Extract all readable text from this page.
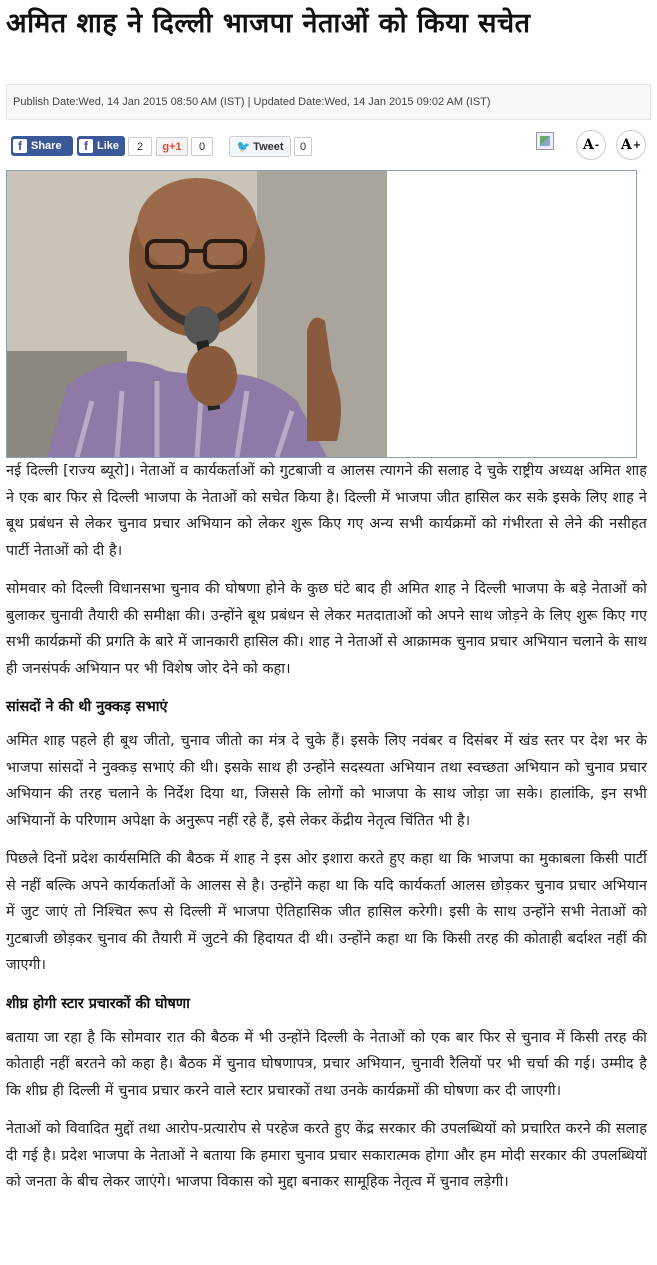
अमित शाह ने दिल्ली भाजपा नेताओं को किया सचेत
Publish Date:Wed, 14 Jan 2015 08:50 AM (IST) | Updated Date:Wed, 14 Jan 2015 09:02 AM (IST)
f Share	f Like	2	g+1	0	🐦 Tweet	0	A - A +

नई दिल्ली [राज्य ब्यूरो]। नेताओं व कार्यकर्ताओं को गुटबाजी व आलस त्यागने की सलाह दे चुके राष्ट्रीय अध्यक्ष अमित शाह ने एक बार फिर से दिल्ली भाजपा के नेताओं को सचेत किया है। दिल्ली में भाजपा जीत हासिल कर सके इसके लिए शाह ने बूथ प्रबंधन से लेकर चुनाव प्रचार अभियान को लेकर शुरू किए गए अन्य सभी कार्यक्रमों को गंभीरता से लेने की नसीहत पार्टी नेताओं को दी है।

सोमवार को दिल्ली विधानसभा चुनाव की घोषणा होने के कुछ घंटे बाद ही अमित शाह ने दिल्ली भाजपा के बड़े नेताओं को बुलाकर चुनावी तैयारी की समीक्षा की। उन्होंने बूथ प्रबंधन से लेकर मतदाताओं को अपने साथ जोड़ने के लिए शुरू किए गए सभी कार्यक्रमों की प्रगति के बारे में जानकारी हासिल की। शाह ने नेताओं से आक्रामक चुनाव प्रचार अभियान चलाने के साथ ही जनसंपर्क अभियान पर भी विशेष जोर देने को कहा।

सांसदों ने की थी नुक्कड़ सभाएं

अमित शाह पहले ही बूथ जीतो, चुनाव जीतो का मंत्र दे चुके हैं। इसके लिए नवंबर व दिसंबर में खंड स्तर पर देश भर के भाजपा सांसदों ने नुक्कड़ सभाएं की थी। इसके साथ ही उन्होंने सदस्यता अभियान तथा स्वच्छता अभियान को चुनाव प्रचार अभियान की तरह चलाने के निर्देश दिया था, जिससे कि लोगों को भाजपा के साथ जोड़ा जा सके। हालांकि, इन सभी अभियानों के परिणाम अपेक्षा के अनुरूप नहीं रहे हैं, इसे लेकर केंद्रीय नेतृत्व चिंतित भी है।

पिछले दिनों प्रदेश कार्यसमिति की बैठक में शाह ने इस ओर इशारा करते हुए कहा था कि भाजपा का मुकाबला किसी पार्टी से नहीं बल्कि अपने कार्यकर्ताओं के आलस से है। उन्होंने कहा था कि यदि कार्यकर्ता आलस छोड़कर चुनाव प्रचार अभियान में जुट जाएं तो निश्चित रूप से दिल्ली में भाजपा ऐतिहासिक जीत हासिल करेगी। इसी के साथ उन्होंने सभी नेताओं को गुटबाजी छोड़कर चुनाव की तैयारी में जुटने की हिदायत दी थी। उन्होंने कहा था कि किसी तरह की कोताही बर्दाश्त नहीं की जाएगी।

शीघ्र होगी स्टार प्रचारकों की घोषणा

बताया जा रहा है कि सोमवार रात की बैठक में भी उन्होंने दिल्ली के नेताओं को एक बार फिर से चुनाव में किसी तरह की कोताही नहीं बरतने को कहा है। बैठक में चुनाव घोषणापत्र, प्रचार अभियान, चुनावी रैलियों पर भी चर्चा की गई। उम्मीद है कि शीघ्र ही दिल्ली में चुनाव प्रचार करने वाले स्टार प्रचारकों तथा उनके कार्यक्रमों की घोषणा कर दी जाएगी।

नेताओं को विवादित मुद्दों तथा आरोप-प्रत्यारोप से परहेज करते हुए केंद्र सरकार की उपलब्धियों को प्रचारित करने की सलाह दी गई है। प्रदेश भाजपा के नेताओं ने बताया कि हमारा चुनाव प्रचार सकारात्मक होगा और हम मोदी सरकार की उपलब्धियों को जनता के बीच लेकर जाएंगे। भाजपा विकास को मुद्दा बनाकर सामूहिक नेतृत्व में चुनाव लड़ेगी।
